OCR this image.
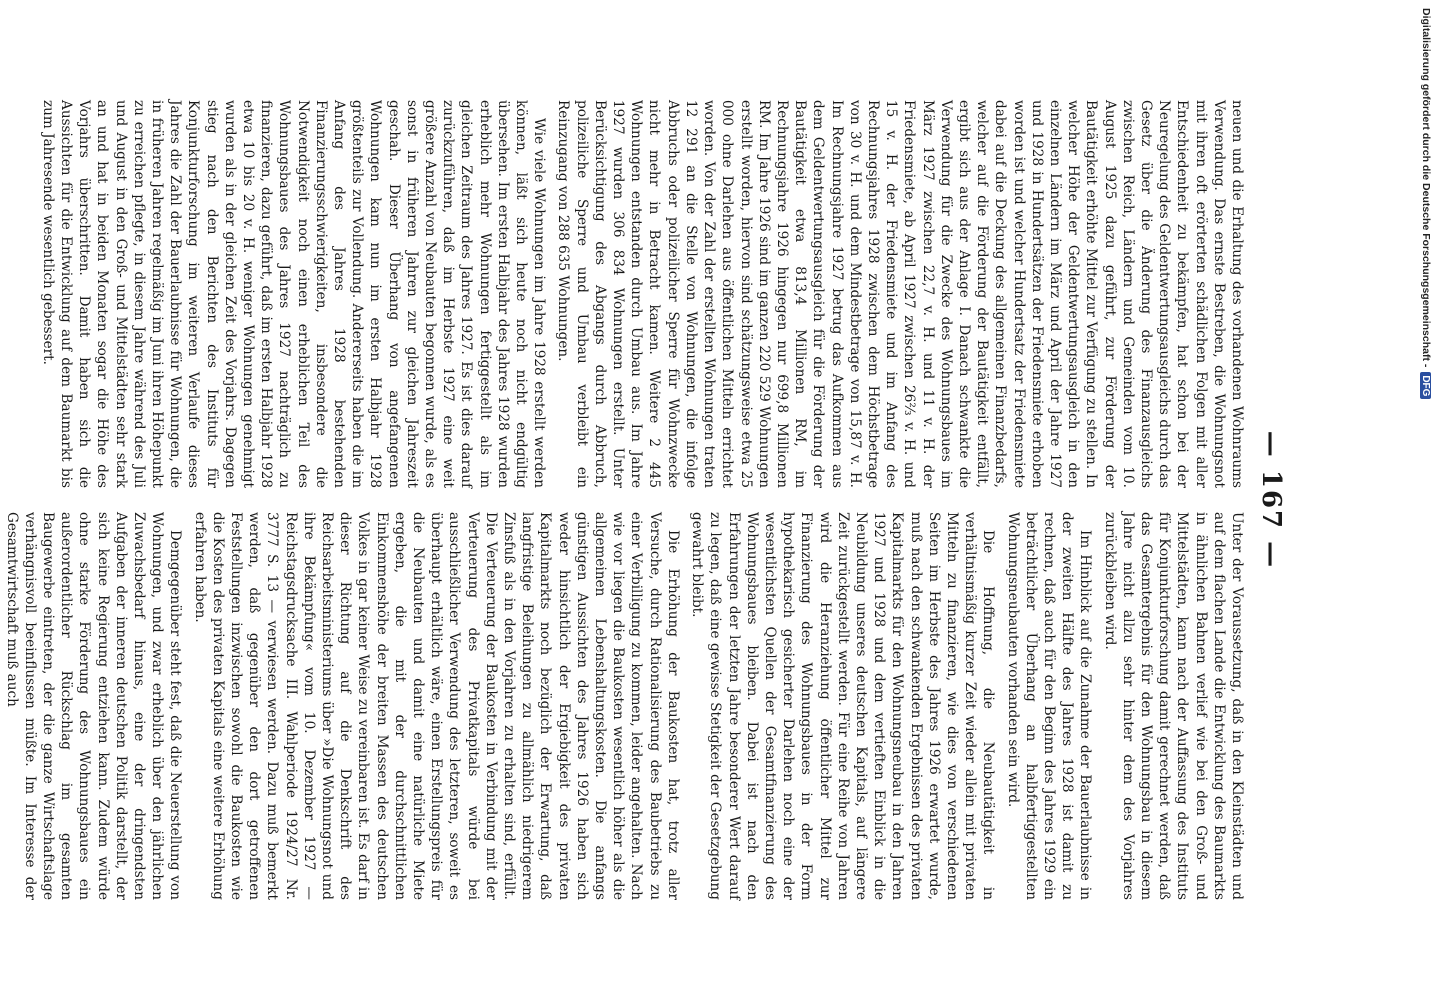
— 167 —

neuen und die Erhaltung des vorhandenen Wohnraums Verwendung. Das ernste Bestreben, die Wohnungsnot mit ihren oft erörterten schädlichen Folgen mit aller Entschiedenheit zu bekämpfen, hat schon bei der Neuregelung des Geldentwertungsausgleichs durch das Gesetz über die Änderung des Finanzausgleichs zwischen Reich, Ländern und Gemeinden vom 10. August 1925 dazu geführt, zur Förderung der Bautätigkeit erhöhte Mittel zur Verfügung zu stellen. In welcher Höhe der Geldentwertungsausgleich in den einzelnen Ländern im März und April der Jahre 1927 und 1928 in Hundertsätzen der Friedensmiete erhoben worden ist und welcher Hundertsatz der Friedensmiete dabei auf die Deckung des allgemeinen Finanzbedarfs, welcher auf die Förderung der Bautätigkeit entfällt, ergibt sich aus der Anlage I. Danach schwankte die Verwendung für die Zwecke des Wohnungsbaues im März 1927 zwischen 22,7 v. H. und 11 v. H. der Friedensmiete, ab April 1927 zwischen 26⅔ v. H. und 15 v. H. der Friedensmiete und im Anfang des Rechnungsjahres 1928 zwischen dem Höchstbetrage von 30 v. H. und dem Mindestbetrage von 15,87 v. H. Im Rechnungsjahre 1927 betrug das Aufkommen aus dem Geldentwertungsausgleich für die Förderung der Bautätigkeit etwa 813,4 Millionen RM, im Rechnungsjahre 1926 hingegen nur 699,8 Millionen RM. Im Jahre 1926 sind im ganzen 220 529 Wohnungen erstellt worden, hiervon sind schätzungsweise etwa 25 000 ohne Darlehen aus öffentlichen Mitteln errichtet worden. Von der Zahl der erstellten Wohnungen traten 12 291 an die Stelle von Wohnungen, die infolge Abbruchs oder polizeilicher Sperre für Wohnzwecke nicht mehr in Betracht kamen. Weitere 2 445 Wohnungen entstanden durch Umbau aus. Im Jahre 1927 wurden 306 834 Wohnungen erstellt. Unter Berücksichtigung des Abgangs durch Abbruch, polizeiliche Sperre und Umbau verbleibt ein Reinzugang von 288 635 Wohnungen.

Wie viele Wohnungen im Jahre 1928 erstellt werden können, läßt sich heute noch nicht endgültig übersehen. Im ersten Halbjahr des Jahres 1928 wurden erheblich mehr Wohnungen fertiggestellt als im gleichen Zeitraum des Jahres 1927. Es ist dies darauf zurückzuführen, daß im Herbste 1927 eine weit größere Anzahl von Neubauten begonnen wurde, als es sonst in früheren Jahren zur gleichen Jahreszeit geschah. Dieser Überhang von angefangenen Wohnungen kam nun im ersten Halbjahr 1928 größtenteils zur Vollendung. Andererseits haben die im Anfang des Jahres 1928 bestehenden Finanzierungsschwierigkeiten, insbesondere die Notwendigkeit noch einen erheblichen Teil des Wohnungsbaues des Jahres 1927 nachträglich zu finanzieren, dazu geführt, daß im ersten Halbjahr 1928 etwa 10 bis 20 v. H. weniger Wohnungen genehmigt wurden als in der gleichen Zeit des Vorjahrs. Dagegen stieg nach den Berichten des Instituts für Konjunkturforschung im weiteren Verlaufe dieses Jahres die Zahl der Bauerlaubnisse für Wohnungen, die in früheren Jahren regelmäßig im Juni ihren Höhepunkt zu erreichen pflegte, in diesem Jahre während des Juli und August in den Groß- und Mittelstädten sehr stark an und hat in beiden Monaten sogar die Höhe des Vorjahrs überschritten. Damit haben sich die Aussichten für die Entwicklung auf dem Baumarkt bis zum Jahresende wesentlich gebessert.

Unter der Voraussetzung, daß in den Kleinstädten und auf dem flachen Lande die Entwicklung des Baumarkts in ähnlichen Bahnen verlief wie bei den Groß- und Mittelstädten, kann nach der Auffassung des Instituts für Konjunkturforschung damit gerechnet werden, daß das Gesamtergebnis für den Wohnungsbau in diesem Jahre nicht allzu sehr hinter dem des Vorjahres zurückbleiben wird.

Im Hinblick auf die Zunahme der Bauerlaubnisse in der zweiten Hälfte des Jahres 1928 ist damit zu rechnen, daß auch für den Beginn des Jahres 1929 ein beträchtlicher Überhang an halbfertiggestellten Wohnungsneubauten vorhanden sein wird.

Die Hoffnung, die Neubautätigkeit in verhältnismäßig kurzer Zeit wieder allein mit privaten Mitteln zu finanzieren, wie dies von verschiedenen Seiten im Herbste des Jahres 1926 erwartet wurde, muß nach den schwankenden Ergebnissen des privaten Kapitalmarkts für den Wohnungsneubau in den Jahren 1927 und 1928 und dem vertieften Einblick in die Neubildung unseres deutschen Kapitals, auf längere Zeit zurückgestellt werden. Für eine Reihe von Jahren wird die Heranziehung öffentlicher Mittel zur Finanzierung des Wohnungsbaues in der Form hypothekarisch gesicherter Darlehen noch eine der wesentlichsten Quellen der Gesamtfinanzierung des Wohnungsbaues bleiben. Dabei ist nach den Erfahrungen der letzten Jahre besonderer Wert darauf zu legen, daß eine gewisse Stetigkeit der Gesetzgebung gewahrt bleibt.

Die Erhöhung der Baukosten hat, trotz aller Versuche, durch Rationalisierung des Baubetriebs zu einer Verbilligung zu kommen, leider angehalten. Nach wie vor liegen die Baukosten wesentlich höher als die allgemeinen Lebenshaltungskosten. Die anfangs günstigen Aussichten des Jahres 1926 haben sich weder hinsichtlich der Ergiebigkeit des privaten Kapitalmarkts noch bezüglich der Erwartung, daß langfristige Beleihungen zu allmählich niedrigerem Zinsfuß als in den Vorjahren zu erhalten sind, erfüllt. Die Verteuerung der Baukosten in Verbindung mit der Verteuerung des Privatkapitals würde bei ausschließlicher Verwendung des letzteren, soweit es überhaupt erhältlich wäre, einen Erstellungspreis für die Neubauten und damit eine natürliche Miete ergeben, die mit der durchschnittlichen Einkommenshöhe der breiten Massen des deutschen Volkes in gar keiner Weise zu vereinbaren ist. Es darf in dieser Richtung auf die Denkschrift des Reichsarbeitsministeriums über »Die Wohnungsnot und ihre Bekämpfung« vom 10. Dezember 1927 — Reichstagsdrucksache III. Wahlperiode 1924/27 Nr. 3777 S. 13 — verwiesen werden. Dazu muß bemerkt werden, daß gegenüber den dort getroffenen Feststellungen inzwischen sowohl die Baukosten wie die Kosten des privaten Kapitals eine weitere Erhöhung erfahren haben.

Demgegenüber steht fest, daß die Neuerstellung von Wohnungen, und zwar erheblich über den jährlichen Zuwachsbedarf hinaus, eine der dringendsten Aufgaben der inneren deutschen Politik darstellt, der sich keine Regierung entziehen kann. Zudem würde ohne starke Förderung des Wohnungsbaues ein außerordentlicher Rückschlag im gesamten Baugewerbe eintreten, der die ganze Wirtschaftslage verhängnisvoll beeinflussen müßte. Im Interesse der Gesamtwirtschaft muß auch

Digitalisierung gefördert durch die Deutsche Forschungsgemeinschaft - DFG
